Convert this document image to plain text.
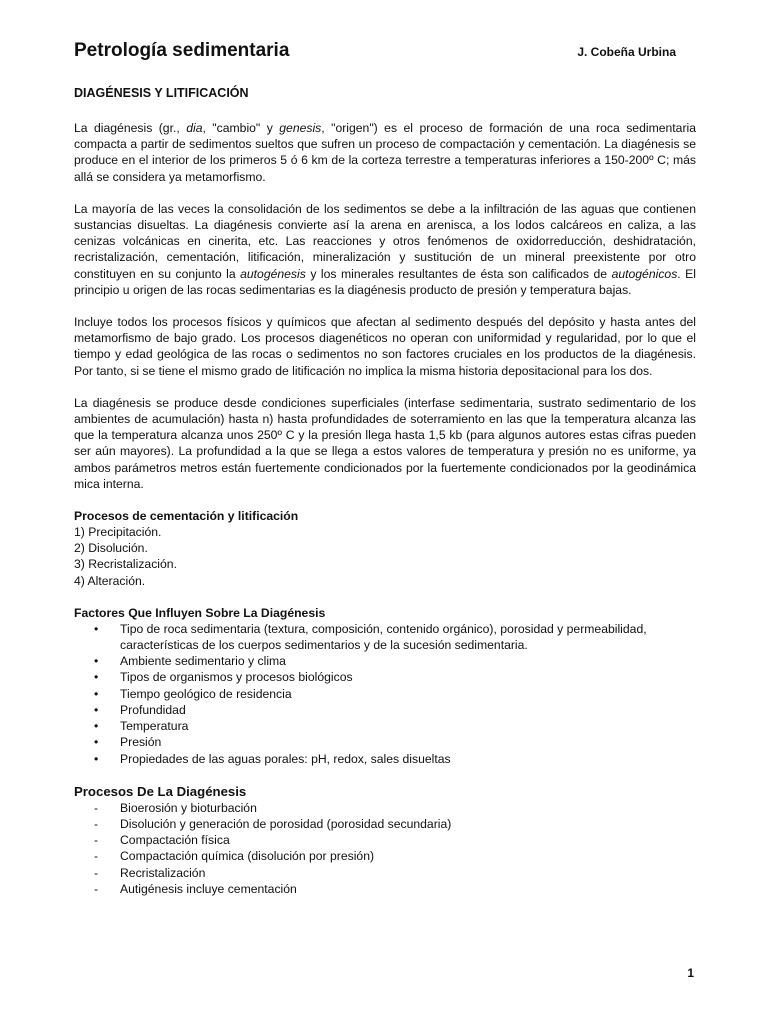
Petrología sedimentaria	J. Cobeña Urbina
DIAGÉNESIS Y LITIFICACIÓN

La diagénesis (gr., dia, "cambio" y genesis, "origen") es el proceso de formación de una roca sedimentaria compacta a partir de sedimentos sueltos que sufren un proceso de compactación y cementación. La diagénesis se produce en el interior de los primeros 5 ó 6 km de la corteza terrestre a temperaturas inferiores a 150-200º C; más allá se considera ya metamorfismo.

La mayoría de las veces la consolidación de los sedimentos se debe a la infiltración de las aguas que contienen sustancias disueltas. La diagénesis convierte así la arena en arenisca, a los lodos calcáreos en caliza, a las cenizas volcánicas en cinerita, etc. Las reacciones y otros fenómenos de oxidorreducción, deshidratación, recristalización, cementación, litificación, mineralización y sustitución de un mineral preexistente por otro constituyen en su conjunto la autogénesis y los minerales resultantes de ésta son calificados de autogénicos. El principio u origen de las rocas sedimentarias es la diagénesis producto de presión y temperatura bajas.

Incluye todos los procesos físicos y químicos que afectan al sedimento después del depósito y hasta antes del metamorfismo de bajo grado. Los procesos diagenéticos no operan con uniformidad y regularidad, por lo que el tiempo y edad geológica de las rocas o sedimentos no son factores cruciales en los productos de la diagénesis. Por tanto, si se tiene el mismo grado de litificación no implica la misma historia depositacional para los dos.

La diagénesis se produce desde condiciones superficiales (interfase sedimentaria, sustrato sedimentario de los ambientes de acumulación) hasta n) hasta profundidades de soterramiento en las que la temperatura alcanza las que la temperatura alcanza unos 250º C y la presión llega hasta 1,5 kb (para algunos autores estas cifras pueden ser aún mayores). La profundidad a la que se llega a estos valores de temperatura y presión no es uniforme, ya ambos parámetros metros están fuertemente condicionados por la fuertemente condicionados por la geodinámica mica interna.

Procesos de cementación y litificación
1) Precipitación.
2) Disolución.
3) Recristalización.
4) Alteración.
Factores Que Influyen Sobre La Diagénesis
• Tipo de roca sedimentaria (textura, composición, contenido orgánico), porosidad y permeabilidad, características de los cuerpos sedimentarios y de la sucesión sedimentaria.
• Ambiente sedimentario y clima
• Tipos de organismos y procesos biológicos
• Tiempo geológico de residencia
• Profundidad
• Temperatura
• Presión
• Propiedades de las aguas porales: pH, redox, sales disueltas
Procesos De La Diagénesis
- Bioerosión y bioturbación
- Disolución y generación de porosidad (porosidad secundaria)
- Compactación física
- Compactación química (disolución por presión)
- Recristalización
- Autigénesis incluye cementación
1
